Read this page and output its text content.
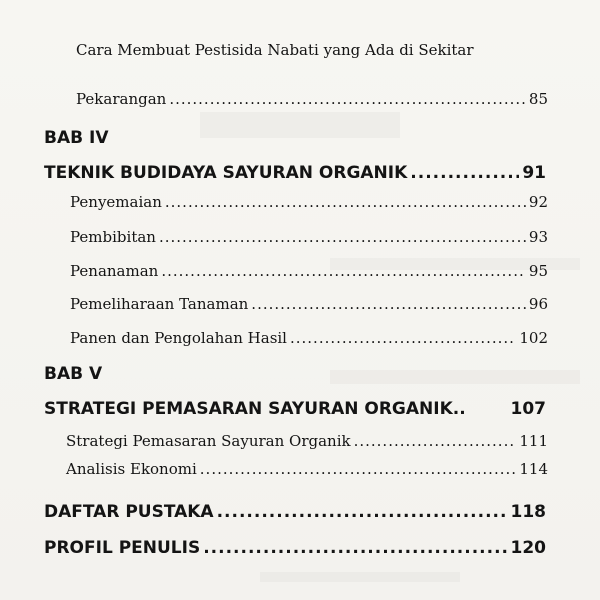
Cara Membuat Pestisida Nabati yang Ada di Sekitar
Pekarangan .....	85
BAB IV
TEKNIK BUDIDAYA SAYURAN ORGANIK .....	91
Penyemaian .....	92
Pembibitan .....	93
Penanaman .....	95
Pemeliharaan Tanaman .....	96
Panen dan Pengolahan Hasil .....	102
BAB V
STRATEGI PEMASARAN SAYURAN ORGANIK..	107
Strategi Pemasaran Sayuran Organik .....	111
Analisis Ekonomi .....	114
DAFTAR PUSTAKA .....	118
PROFIL PENULIS .....	120
